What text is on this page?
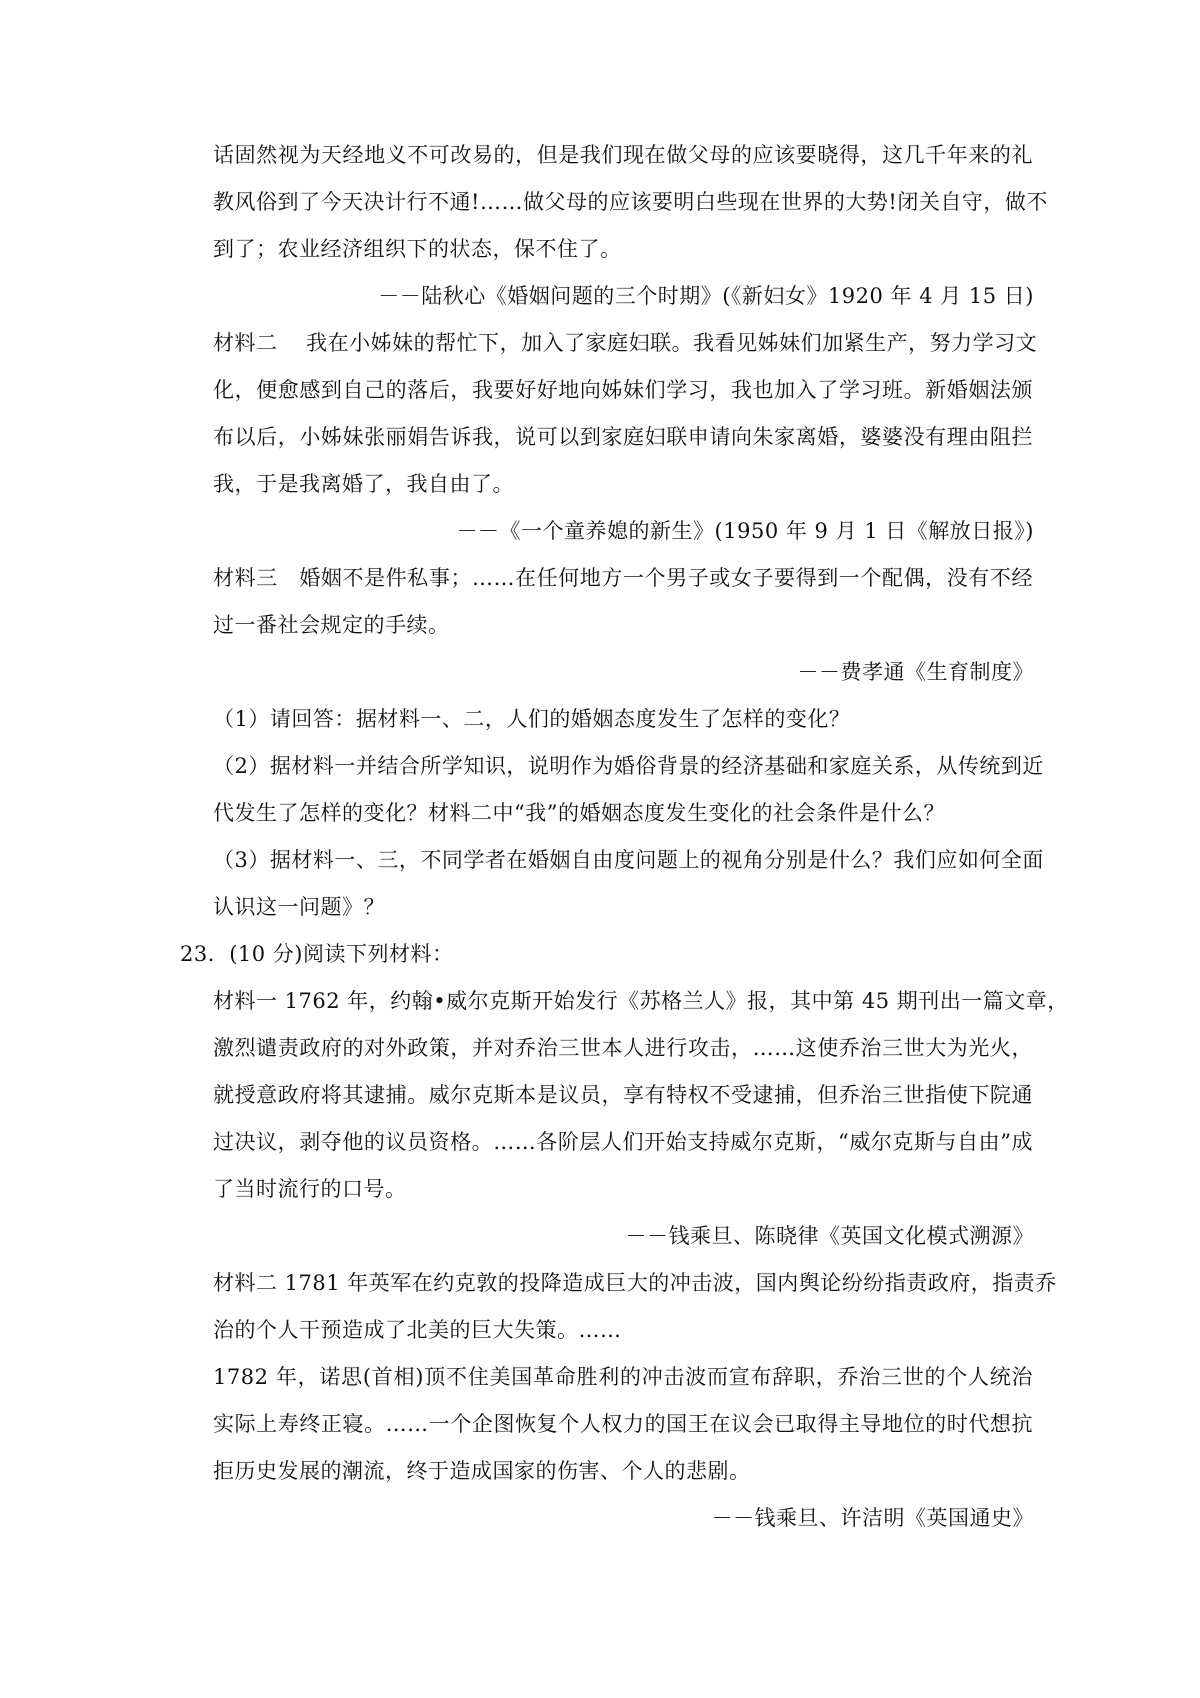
话固然视为天经地义不可改易的，但是我们现在做父母的应该要晓得，这几千年来的礼
教风俗到了今天决计行不通!……做父母的应该要明白些现在世界的大势!闭关自守，做不
到了；农业经济组织下的状态，保不住了。
－－陆秋心《婚姻问题的三个时期》(《新妇女》1920 年 4 月 15 日)
材料二　 我在小姊妹的帮忙下，加入了家庭妇联。我看见姊妹们加紧生产，努力学习文
化，便愈感到自己的落后，我要好好地向姊妹们学习，我也加入了学习班。新婚姻法颁
布以后，小姊妹张丽娟告诉我，说可以到家庭妇联申请向朱家离婚，婆婆没有理由阻拦
我，于是我离婚了，我自由了。
－－《一个童养媳的新生》(1950 年 9 月 1 日《解放日报》)
材料三　婚姻不是件私事；……在任何地方一个男子或女子要得到一个配偶，没有不经
过一番社会规定的手续。
－－费孝通《生育制度》
（1）请回答：据材料一、二，人们的婚姻态度发生了怎样的变化？
（2）据材料一并结合所学知识，说明作为婚俗背景的经济基础和家庭关系，从传统到近
代发生了怎样的变化？材料二中“我”的婚姻态度发生变化的社会条件是什么？
（3）据材料一、三，不同学者在婚姻自由度问题上的视角分别是什么？我们应如何全面
认识这一问题》？
23．(10 分)阅读下列材料：
材料一 1762 年，约翰•威尔克斯开始发行《苏格兰人》报，其中第 45 期刊出一篇文章，
激烈谴责政府的对外政策，并对乔治三世本人进行攻击，……这使乔治三世大为光火，
就授意政府将其逮捕。威尔克斯本是议员，享有特权不受逮捕，但乔治三世指使下院通
过决议，剥夺他的议员资格。……各阶层人们开始支持威尔克斯，“威尔克斯与自由”成
了当时流行的口号。
－－钱乘旦、陈晓律《英国文化模式溯源》
材料二 1781 年英军在约克敦的投降造成巨大的冲击波，国内舆论纷纷指责政府，指责乔
治的个人干预造成了北美的巨大失策。……
1782 年，诺思(首相)顶不住美国革命胜利的冲击波而宣布辞职，乔治三世的个人统治
实际上寿终正寝。……一个企图恢复个人权力的国王在议会已取得主导地位的时代想抗
拒历史发展的潮流，终于造成国家的伤害、个人的悲剧。
－－钱乘旦、许洁明《英国通史》
